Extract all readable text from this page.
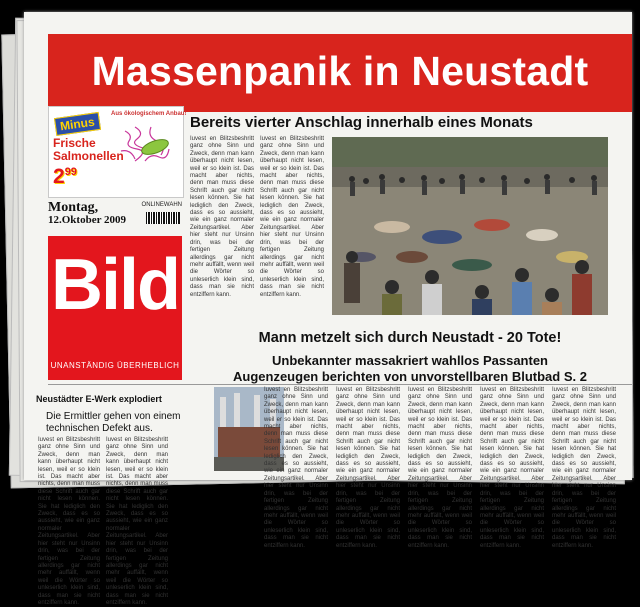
Massenpanik in Neustadt
Minus
Aus ökologischem Anbau!
Frische
Salmonellen
$2^{99}$
Montag,
12.Oktober 2009
ONLINEWAHN
Bild
UNANSTÄNDIG ÜBERHEBLICH
Bereits vierter Anschlag innerhalb eines Monats
Iuvest en Blitzsbeshritt ganz ohne Sinn und Zweck, denn man kann überhaupt nicht lesen, weil er so klein ist. Das macht aber nichts, denn man muss diese Schrift auch gar nicht lesen können. Sie hat lediglich den Zweck, dass es so aussieht, wie ein ganz normaler Zeitungsartikel. Aber hier steht nur Unsinn drin, was bei der fertigen Zeitung allerdings gar nicht mehr auffällt, wenn weil die Wörter so unleserlich klein sind, dass man sie nicht entziffern kann.
Iuvest en Blitzsbeshritt ganz ohne Sinn und Zweck, denn man kann überhaupt nicht lesen, weil er so klein ist. Das macht aber nichts, denn man muss diese Schrift auch gar nicht lesen können. Sie hat lediglich den Zweck, dass es so aussieht, wie ein ganz normaler Zeitungsartikel. Aber hier steht nur Unsinn drin, was bei der fertigen Zeitung allerdings gar nicht mehr auffällt, wenn weil die Wörter so unleserlich klein sind, dass man sie nicht entziffern kann.
Mann metzelt sich durch Neustadt - 20 Tote!
Unbekannter massakriert wahllos Passanten
Augenzeugen berichten von unvorstellbaren Blutbad S. 2
Neustädter E-Werk explodiert
Die Ermittler gehen von einem
technischen Defekt aus.
Iuvest en Blitzsbeshritt ganz ohne Sinn und Zweck, denn man kann überhaupt nicht lesen, weil er so klein ist. Das macht aber nichts, denn man muss diese Schrift auch gar nicht lesen können. Sie hat lediglich den Zweck, dass es so aussieht, wie ein ganz normaler Zeitungsartikel. Aber hier steht nur Unsinn drin, was bei der fertigen Zeitung allerdings gar nicht mehr auffällt, wenn weil die Wörter so unleserlich klein sind, dass man sie nicht entziffern kann.
Iuvest en Blitzsbeshritt ganz ohne Sinn und Zweck, denn man kann überhaupt nicht lesen, weil er so klein ist. Das macht aber nichts, denn man muss diese Schrift auch gar nicht lesen können. Sie hat lediglich den Zweck, dass es so aussieht, wie ein ganz normaler Zeitungsartikel. Aber hier steht nur Unsinn drin, was bei der fertigen Zeitung allerdings gar nicht mehr auffällt, wenn weil die Wörter so unleserlich klein sind, dass man sie nicht entziffern kann.
Iuvest en Blitzsbeshritt ganz ohne Sinn und Zweck, denn man kann überhaupt nicht lesen, weil er so klein ist. Das macht aber nichts, denn man muss diese Schrift auch gar nicht lesen können. Sie hat lediglich den Zweck, dass es so aussieht, wie ein ganz normaler Zeitungsartikel. Aber hier steht nur Unsinn drin, was bei der fertigen Zeitung allerdings gar nicht mehr auffällt, wenn weil die Wörter so unleserlich klein sind, dass man sie nicht entziffern kann.
Iuvest en Blitzsbeshritt ganz ohne Sinn und Zweck, denn man kann überhaupt nicht lesen, weil er so klein ist. Das macht aber nichts, denn man muss diese Schrift auch gar nicht lesen können. Sie hat lediglich den Zweck, dass es so aussieht, wie ein ganz normaler Zeitungsartikel. Aber hier steht nur Unsinn drin, was bei der fertigen Zeitung allerdings gar nicht mehr auffällt, wenn weil die Wörter so unleserlich klein sind, dass man sie nicht entziffern kann.
Iuvest en Blitzsbeshritt ganz ohne Sinn und Zweck, denn man kann überhaupt nicht lesen, weil er so klein ist. Das macht aber nichts, denn man muss diese Schrift auch gar nicht lesen können. Sie hat lediglich den Zweck, dass es so aussieht, wie ein ganz normaler Zeitungsartikel. Aber hier steht nur Unsinn drin, was bei der fertigen Zeitung allerdings gar nicht mehr auffällt, wenn weil die Wörter so unleserlich klein sind, dass man sie nicht entziffern kann.
Iuvest en Blitzsbeshritt ganz ohne Sinn und Zweck, denn man kann überhaupt nicht lesen, weil er so klein ist. Das macht aber nichts, denn man muss diese Schrift auch gar nicht lesen können. Sie hat lediglich den Zweck, dass es so aussieht, wie ein ganz normaler Zeitungsartikel. Aber hier steht nur Unsinn drin, was bei der fertigen Zeitung allerdings gar nicht mehr auffällt, wenn weil die Wörter so unleserlich klein sind, dass man sie nicht entziffern kann.
Iuvest en Blitzsbeshritt ganz ohne Sinn und Zweck, denn man kann überhaupt nicht lesen, weil er so klein ist. Das macht aber nichts, denn man muss diese Schrift auch gar nicht lesen können. Sie hat lediglich den Zweck, dass es so aussieht, wie ein ganz normaler Zeitungsartikel. Aber hier steht nur Unsinn drin, was bei der fertigen Zeitung allerdings gar nicht mehr auffällt, wenn weil die Wörter so unleserlich klein sind, dass man sie nicht entziffern kann.
